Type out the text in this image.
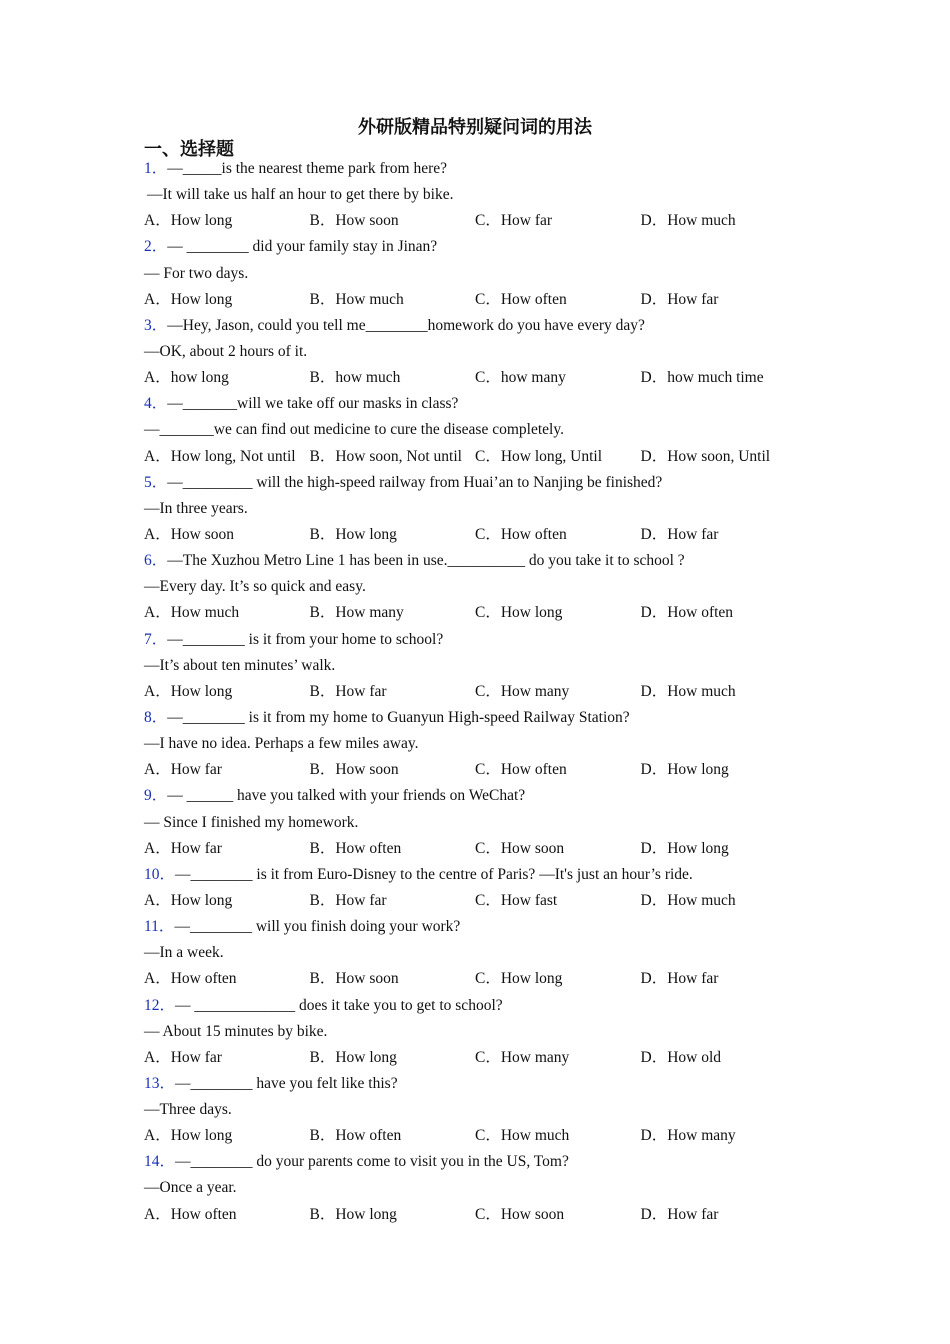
外研版精品特别疑问词的用法
一、选择题
1．—_____is the nearest theme park from here?
—It will take us half an hour to get there by bike.
A．How long	B．How soon	C．How far	D．How much
2．— ________ did your family stay in Jinan?
— For two days.
A．How long	B．How much	C．How often	D．How far
3．—Hey, Jason, could you tell me________homework do you have every day?
—OK, about 2 hours of it.
A．how long	B．how much	C．how many	D．how much time
4．—_______will we take off our masks in class?
—_______we can find out medicine to cure the disease completely.
A．How long, Not until B．How soon, Not until C．How long, Until	D．How soon, Until
5．—_________ will the high-speed railway from Huai’an to Nanjing be finished?
—In three years.
A．How soon	B．How long	C．How often	D．How far
6．—The Xuzhou Metro Line 1 has been in use.__________ do you take it to school ?
—Every day. It’s so quick and easy.
A．How much	B．How many	C．How long	D．How often
7．—________ is it from your home to school?
—It’s about ten minutes’ walk.
A．How long	B．How far	C．How many	D．How much
8．—________ is it from my home to Guanyun High-speed Railway Station?
—I have no idea. Perhaps a few miles away.
A．How far	B．How soon	C．How often	D．How long
9．— ______ have you talked with your friends on WeChat?
— Since I finished my homework.
A．How far	B．How often	C．How soon	D．How long
10．—________ is it from Euro-Disney to the centre of Paris? —It's just an hour’s ride.
A．How long	B．How far	C．How fast	D．How much
11．—________ will you finish doing your work?
—In a week.
A．How often	B．How soon	C．How long	D．How far
12．— _____________ does it take you to get to school?
— About 15 minutes by bike.
A．How far	B．How long	C．How many	D．How old
13．—________ have you felt like this?
—Three days.
A．How long	B．How often	C．How much	D．How many
14．—________ do your parents come to visit you in the US, Tom?
—Once a year.
A．How often	B．How long	C．How soon	D．How far
